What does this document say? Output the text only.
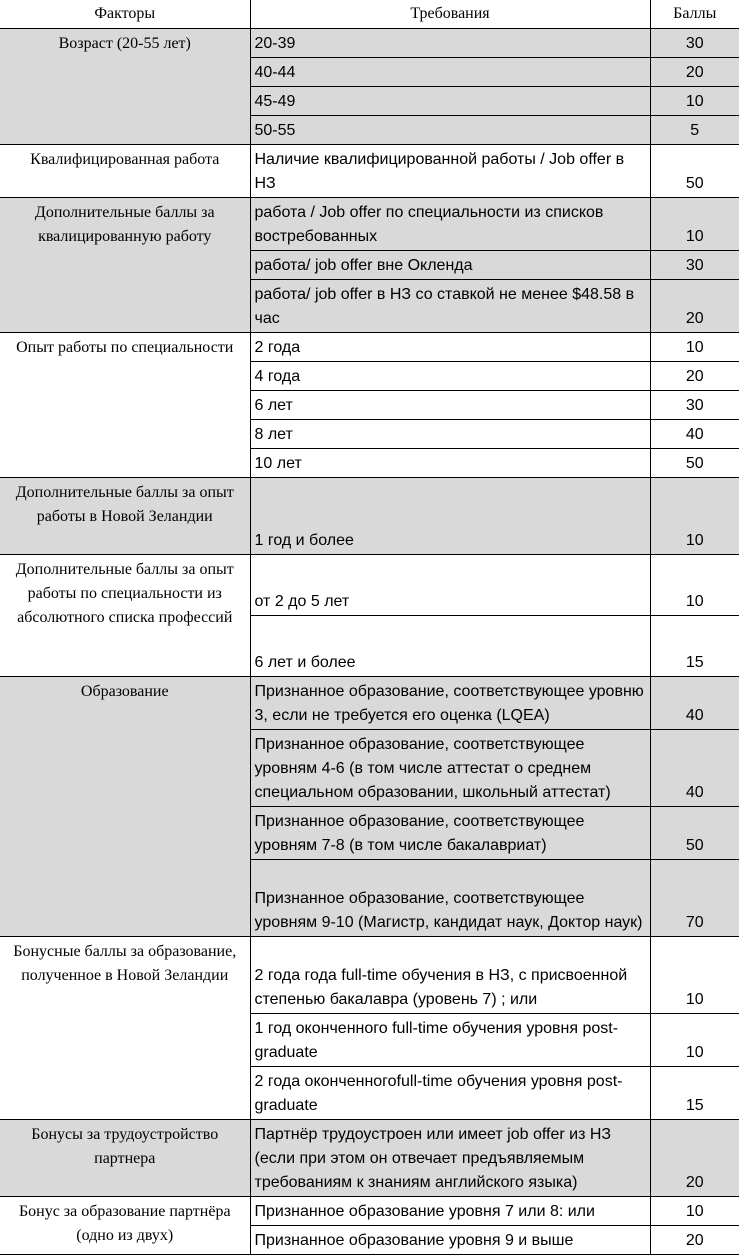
Факторы	Требования	Баллы
Возраст (20-55 лет)	20-39	30
	40-44	20
	45-49	10
	50-55	5
Квалифицированная работа	Наличие квалифицированной работы / Job offer в НЗ	50
Дополнительные баллы за квалицированную работу	работа / Job offer по специальности из списков востребованных	10
	работа/ job offer вне Окленда	30
	работа/ job offer в НЗ со ставкой не менее $48.58 в час	20
Опыт работы по специальности	2 года	10
	4 года	20
	6 лет	30
	8 лет	40
	10 лет	50
Дополнительные баллы за опыт работы в Новой Зеландии	1 год и более	10
Дополнительные баллы за опыт работы по специальности из абсолютного списка профессий	от 2 до 5 лет	10
	6 лет и более	15
Образование	Признанное образование, соответствующее уровню 3, если не требуется его оценка (LQEA)	40
	Признанное образование, соответствующее уровням 4-6 (в том числе аттестат о среднем специальном образовании, школьный аттестат)	40
	Признанное образование, соответствующее уровням 7-8 (в том числе бакалавриат)	50
	Признанное образование, соответствующее уровням 9-10 (Магистр, кандидат наук, Доктор наук)	70
Бонусные баллы за образование, полученное в Новой Зеландии	2 года года full-time обучения в НЗ, с присвоенной степенью бакалавра (уровень 7) ; или	10
	1 год оконченного full-time обучения уровня post-graduate	10
	2 года оконченногоfull-time обучения уровня post-graduate	15
Бонусы за трудоустройство партнера	Партнёр трудоустроен или имеет job offer из НЗ (если при этом он отвечает предъявляемым требованиям к знаниям английского языка)	20
Бонус за образование партнёра (одно из двух)	Признанное образование уровня 7 или 8: или	10
	Признанное образование уровня 9 и выше	20
